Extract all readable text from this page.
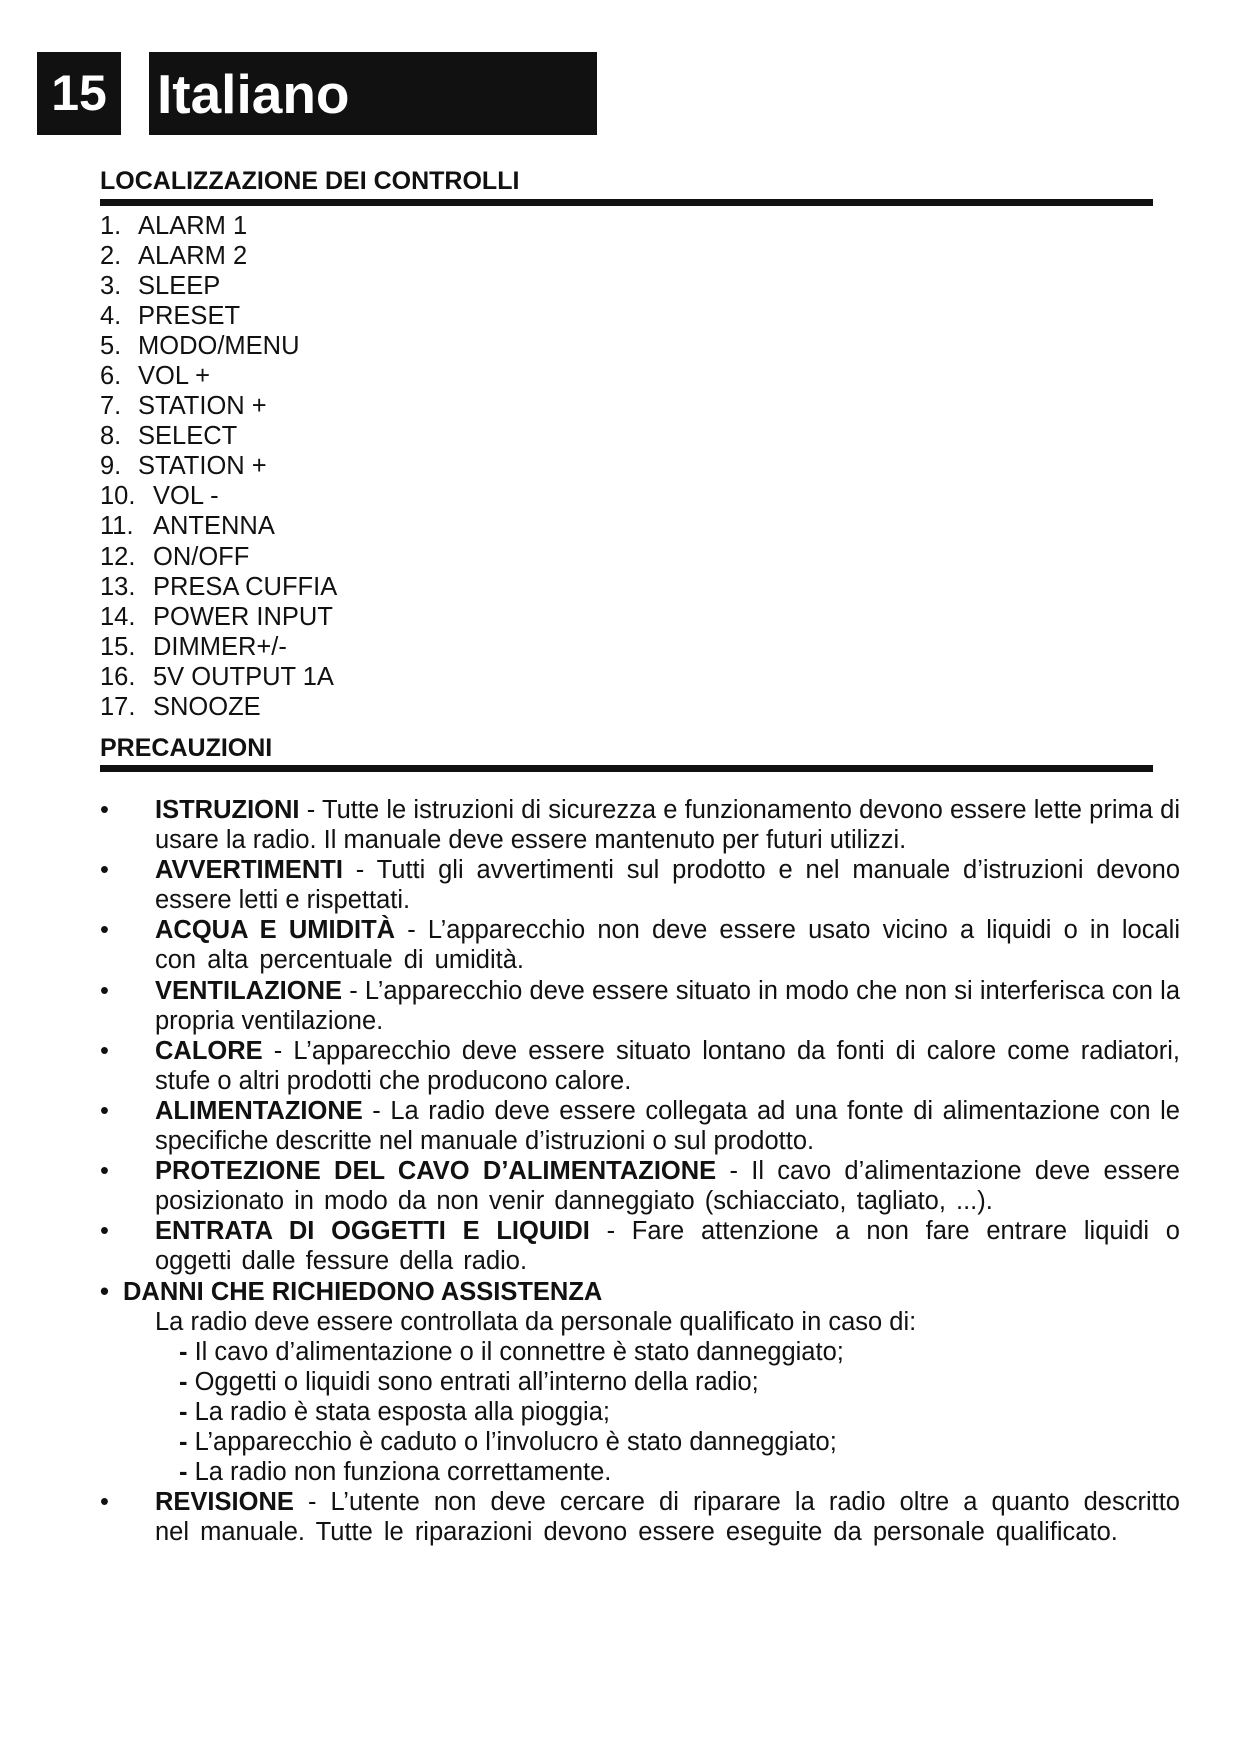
15 Italiano
LOCALIZZAZIONE DEI CONTROLLI
1. ALARM 1
2. ALARM 2
3. SLEEP
4. PRESET
5. MODO/MENU
6. VOL +
7. STATION +
8. SELECT
9. STATION +
10. VOL -
11. ANTENNA
12. ON/OFF
13. PRESA CUFFIA
14. POWER INPUT
15. DIMMER+/-
16. 5V OUTPUT 1A
17. SNOOZE
PRECAUZIONI
• ISTRUZIONI - Tutte le istruzioni di sicurezza e funzionamento devono essere lette prima di usare la radio. Il manuale deve essere mantenuto per futuri utilizzi.
• AVVERTIMENTI - Tutti gli avvertimenti sul prodotto e nel manuale d’istruzioni devono essere letti e rispettati.
• ACQUA E UMIDITÀ - L’apparecchio non deve essere usato vicino a liquidi o in locali con alta percentuale di umidità.
• VENTILAZIONE - L’apparecchio deve essere situato in modo che non si interferisca con la propria ventilazione.
• CALORE - L’apparecchio deve essere situato lontano da fonti di calore come radiatori, stufe o altri prodotti che producono calore.
• ALIMENTAZIONE - La radio deve essere collegata ad una fonte di alimentazione con le specifiche descritte nel manuale d’istruzioni o sul prodotto.
• PROTEZIONE DEL CAVO D’ALIMENTAZIONE - Il cavo d’alimentazione deve essere posizionato in modo da non venir danneggiato (schiacciato, tagliato, ...).
• ENTRATA DI OGGETTI E LIQUIDI - Fare attenzione a non fare entrare liquidi o oggetti dalle fessure della radio.
• DANNI CHE RICHIEDONO ASSISTENZA
La radio deve essere controllata da personale qualificato in caso di:
- Il cavo d’alimentazione o il connettre è stato danneggiato;
- Oggetti o liquidi sono entrati all’interno della radio;
- La radio è stata esposta alla pioggia;
- L’apparecchio è caduto o l’involucro è stato danneggiato;
- La radio non funziona correttamente.
• REVISIONE - L’utente non deve cercare di riparare la radio oltre a quanto descritto nel manuale. Tutte le riparazioni devono essere eseguite da personale qualificato.
